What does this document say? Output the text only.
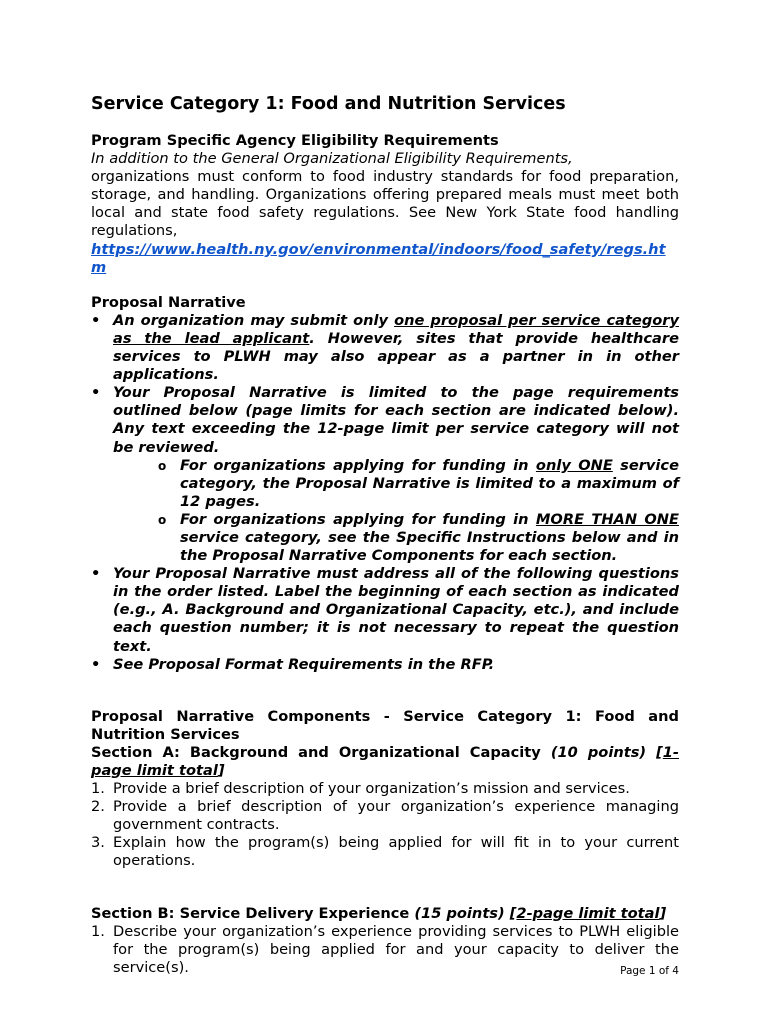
Service Category 1: Food and Nutrition Services

Program Specific Agency Eligibility Requirements

In addition to the General Organizational Eligibility Requirements,

organizations must conform to food industry standards for food preparation, storage, and handling. Organizations offering prepared meals must meet both local and state food safety regulations. See New York State food handling regulations,

https://www.health.ny.gov/environmental/indoors/food_safety/regs.htm

Proposal Narrative

• An organization may submit only one proposal per service category as the lead applicant. However, sites that provide healthcare services to PLWH may also appear as a partner in in other applications.
• Your Proposal Narrative is limited to the page requirements outlined below (page limits for each section are indicated below). Any text exceeding the 12-page limit per service category will not be reviewed.
o For organizations applying for funding in only ONE service category, the Proposal Narrative is limited to a maximum of 12 pages.
o For organizations applying for funding in MORE THAN ONE service category, see the Specific Instructions below and in the Proposal Narrative Components for each section.
• Your Proposal Narrative must address all of the following questions in the order listed. Label the beginning of each section as indicated (e.g., A. Background and Organizational Capacity, etc.), and include each question number; it is not necessary to repeat the question text.
• See Proposal Format Requirements in the RFP.

Proposal Narrative Components - Service Category 1: Food and Nutrition Services

Section A: Background and Organizational Capacity (10 points) [1-page limit total]

1. Provide a brief description of your organization’s mission and services.
2. Provide a brief description of your organization’s experience managing government contracts.
3. Explain how the program(s) being applied for will fit in to your current operations.

Section B: Service Delivery Experience (15 points) [2-page limit total]

1. Describe your organization’s experience providing services to PLWH eligible for the program(s) being applied for and your capacity to deliver the service(s).	Page 1 of 4
